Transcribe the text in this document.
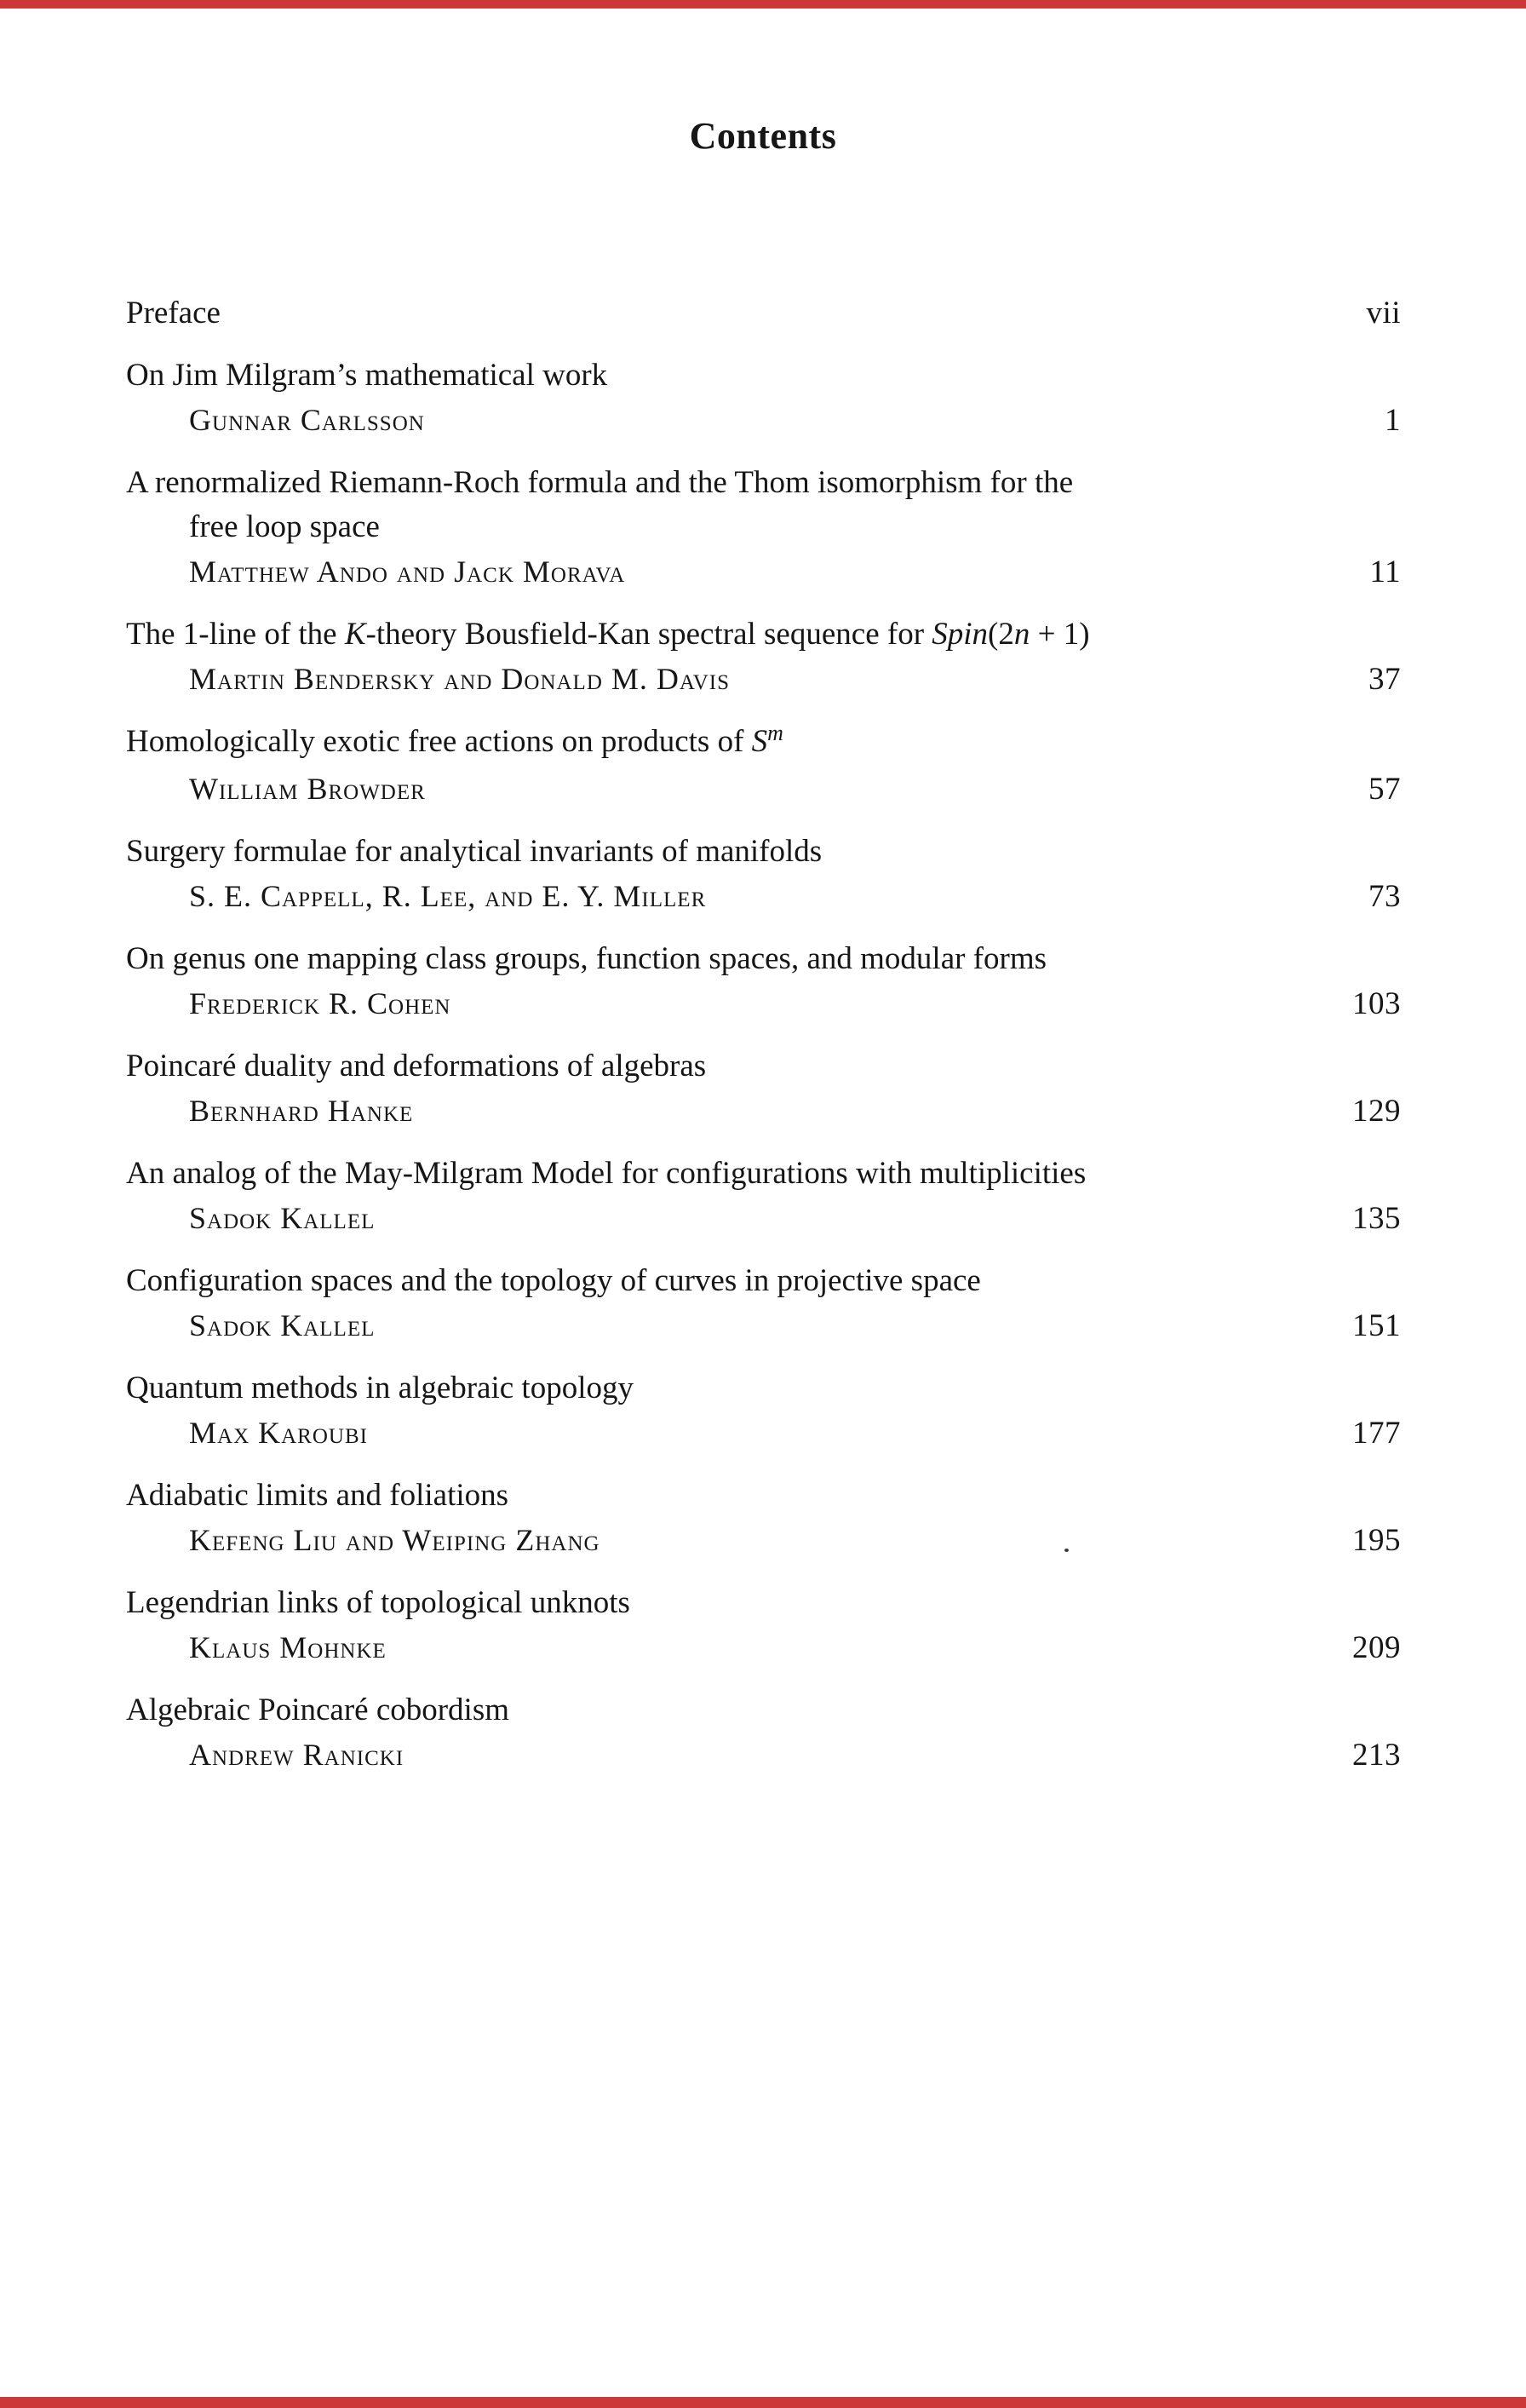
Contents
Preface	vii
On Jim Milgram’s mathematical work
Gunnar Carlsson	1
A renormalized Riemann-Roch formula and the Thom isomorphism for the
free loop space
Matthew Ando and Jack Morava	11
The 1-line of the K-theory Bousfield-Kan spectral sequence for Spin(2n + 1)
Martin Bendersky and Donald M. Davis	37
Homologically exotic free actions on products of $S^m$
William Browder	57
Surgery formulae for analytical invariants of manifolds
S. E. Cappell, R. Lee, and E. Y. Miller	73
On genus one mapping class groups, function spaces, and modular forms
Frederick R. Cohen	103
Poincaré duality and deformations of algebras
Bernhard Hanke	129
An analog of the May-Milgram Model for configurations with multiplicities
Sadok Kallel	135
Configuration spaces and the topology of curves in projective space
Sadok Kallel	151
Quantum methods in algebraic topology
Max Karoubi	177
Adiabatic limits and foliations
Kefeng Liu and Weiping Zhang	195
Legendrian links of topological unknots
Klaus Mohnke	209
Algebraic Poincaré cobordism
Andrew Ranicki	213
